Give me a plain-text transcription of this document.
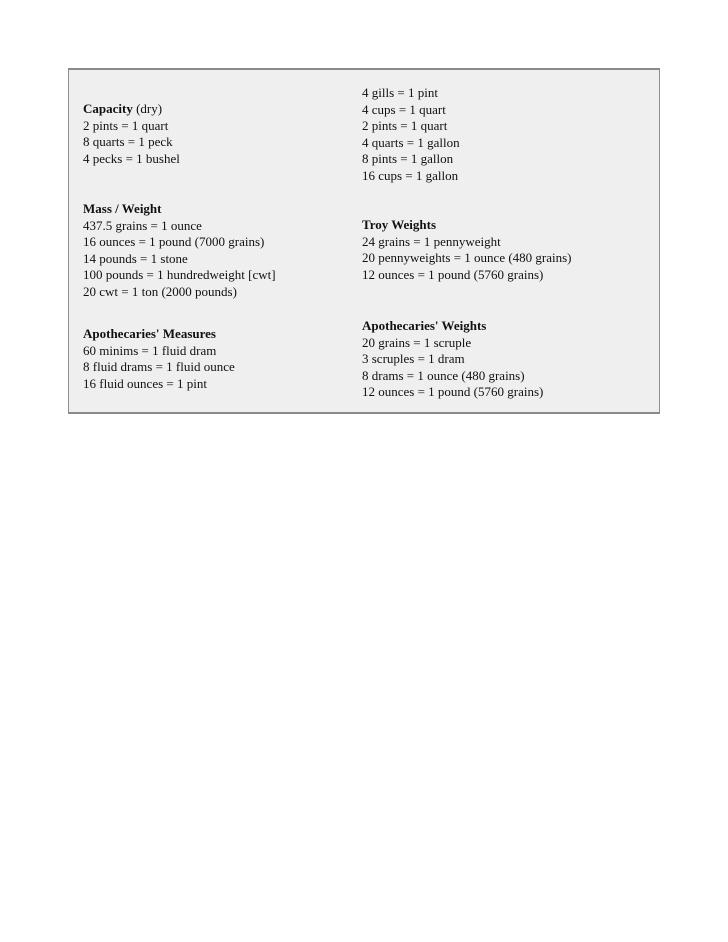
Capacity (dry)
2 pints = 1 quart
8 quarts = 1 peck
4 pecks = 1 bushel
Mass / Weight
437.5 grains = 1 ounce
16 ounces = 1 pound (7000 grains)
14 pounds = 1 stone
100 pounds = 1 hundredweight [cwt]
20 cwt = 1 ton (2000 pounds)
Apothecaries' Measures
60 minims = 1 fluid dram
8 fluid drams = 1 fluid ounce
16 fluid ounces = 1 pint
4 gills = 1 pint
4 cups = 1 quart
2 pints = 1 quart
4 quarts = 1 gallon
8 pints = 1 gallon
16 cups = 1 gallon
Troy Weights
24 grains = 1 pennyweight
20 pennyweights = 1 ounce (480 grains)
12 ounces = 1 pound (5760 grains)
Apothecaries' Weights
20 grains = 1 scruple
3 scruples = 1 dram
8 drams = 1 ounce (480 grains)
12 ounces = 1 pound (5760 grains)
